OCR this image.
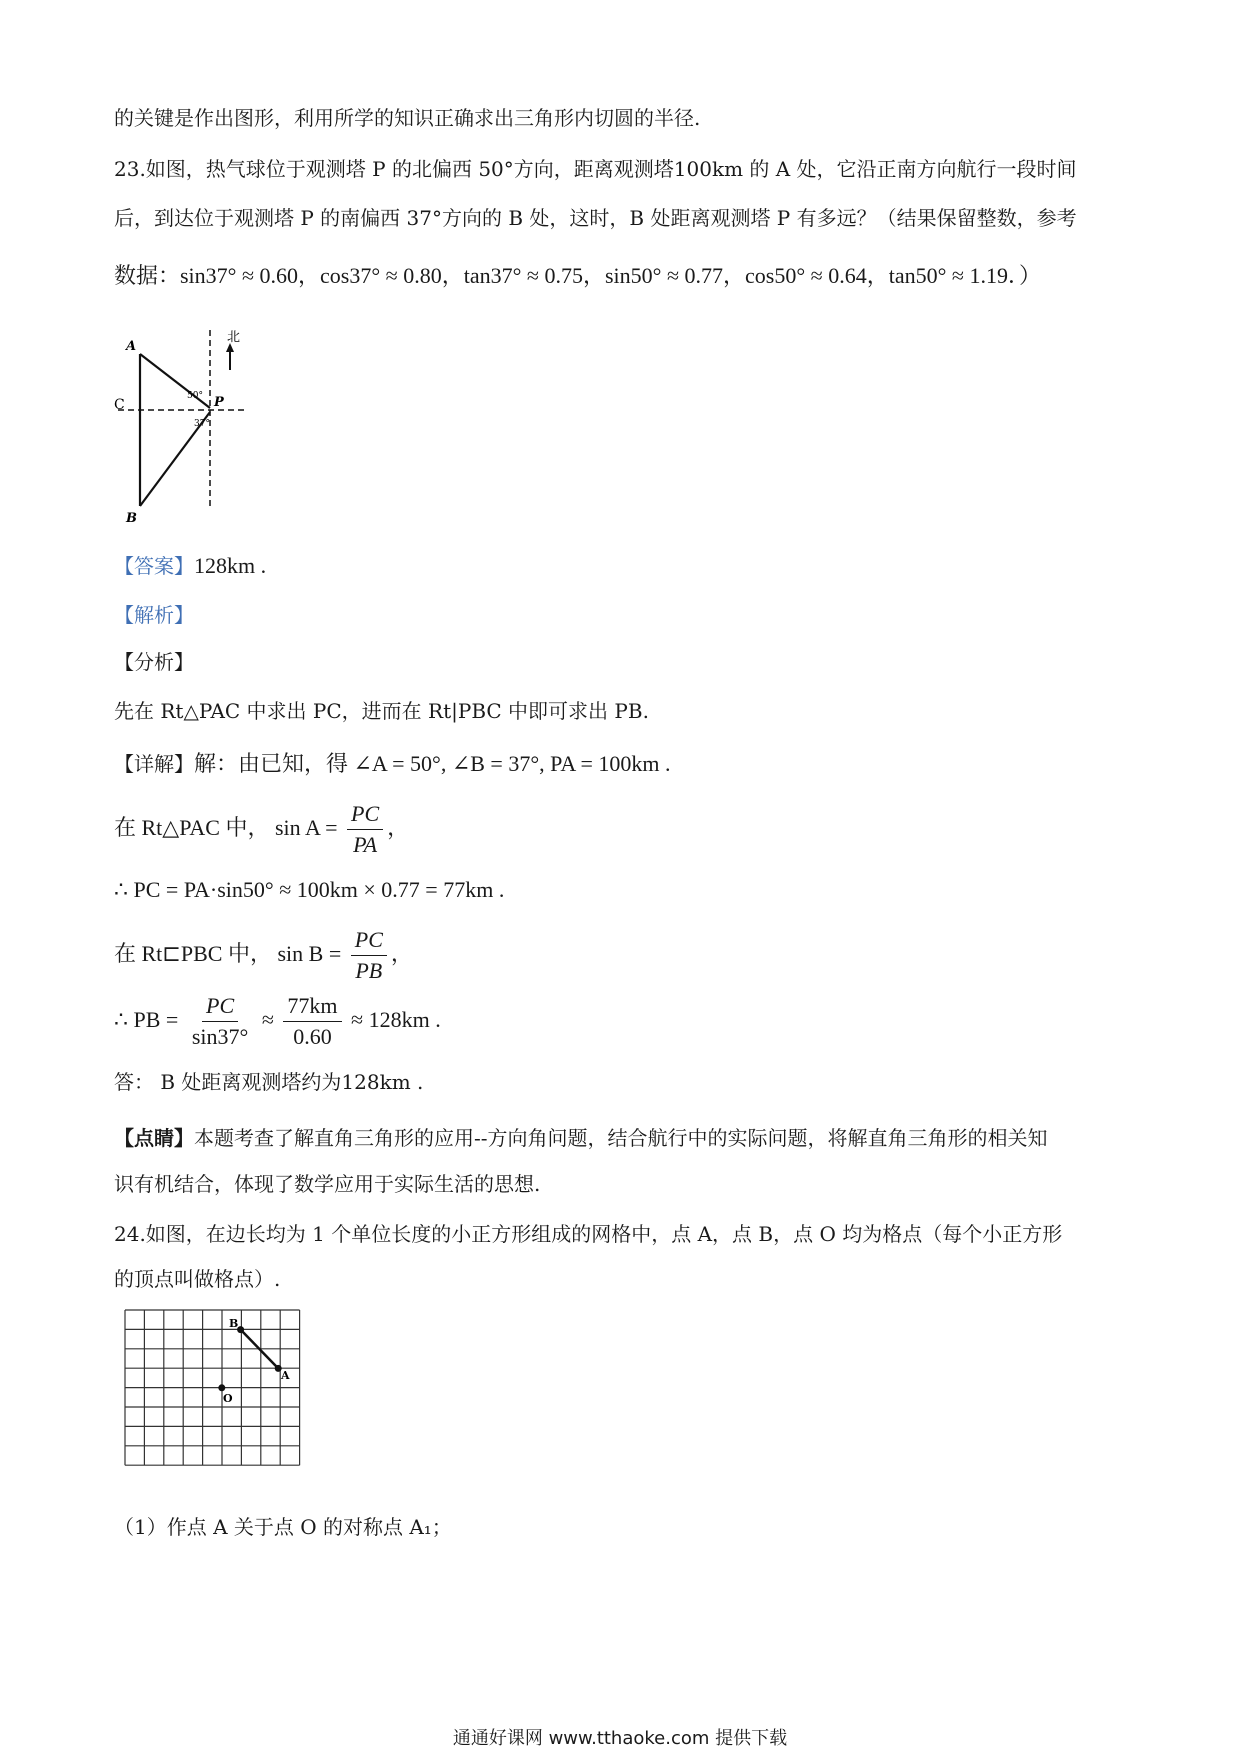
的关键是作出图形，利用所学的知识正确求出三角形内切圆的半径.
23.如图，热气球位于观测塔 P 的北偏西 50°方向，距离观测塔100km 的 A 处，它沿正南方向航行一段时间
后，到达位于观测塔 P 的南偏西 37°方向的 B 处，这时，B 处距离观测塔 P 有多远？（结果保留整数，参考
数据：sin37° ≈ 0.60，cos37° ≈ 0.80，tan37° ≈ 0.75，sin50° ≈ 0.77，cos50° ≈ 0.64，tan50° ≈ 1.19．）
北
A
B
C	P
50°
37°
【答案】128km .
【解析】
【分析】
先在 Rt△PAC 中求出 PC，进而在 Rt|PBC 中即可求出 PB.
【详解】解：由已知，得 ∠A = 50°, ∠B = 37°, PA = 100km .
在 Rt△PAC 中， $\sin A = \frac{PC}{PA}$ ，
∴ PC = PA·sin50° ≈ 100km × 0.77 = 77km .
在 Rt⊏PBC 中， $\sin B = \frac{PC}{PB}$ ，
∴ PB = $\frac{PC}{\sin 37^\circ} \approx \frac{77km}{0.60} \approx 128km$ .
答： B 处距离观测塔约为128km .
【点睛】本题考查了解直角三角形的应用--方向角问题，结合航行中的实际问题，将解直角三角形的相关知
识有机结合，体现了数学应用于实际生活的思想.
24.如图，在边长均为 1 个单位长度的小正方形组成的网格中，点 A，点 B，点 O 均为格点（每个小正方形
的顶点叫做格点）.
B
A
O
（1）作点 A 关于点 O 的对称点 A₁；
通通好课网 www.tthaoke.com 提供下载
